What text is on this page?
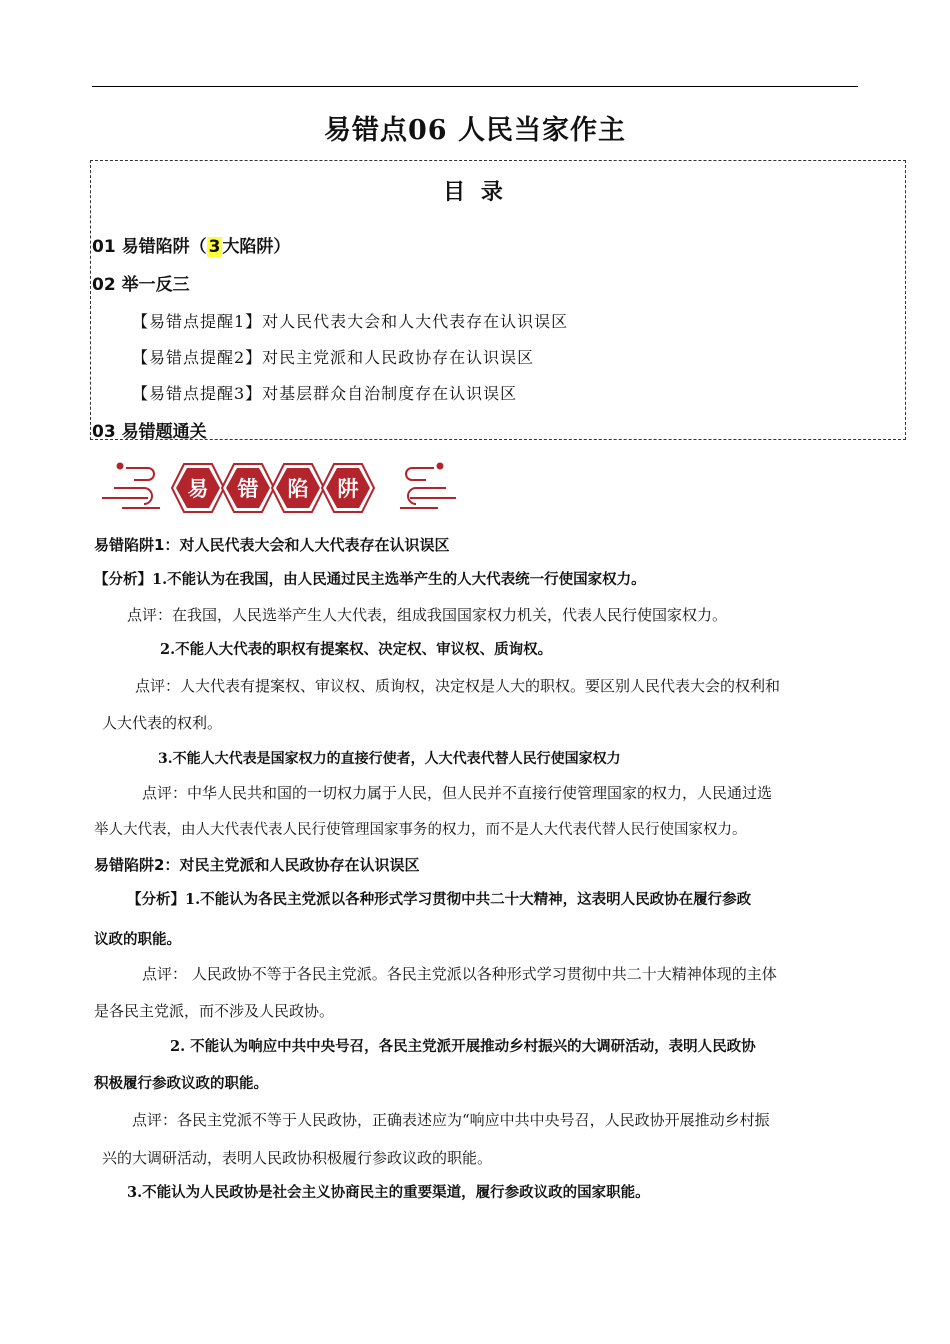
易错点06 人民当家作主
目 录
01 易错陷阱（ 3 大陷阱）
02 举一反三
【易错点提醒1】对人民代表大会和人大代表存在认识误区
【易错点提醒2】对民主党派和人民政协存在认识误区
【易错点提醒3】对基层群众自治制度存在认识误区
03 易错题通关
易 错 陷 阱
易错陷阱1：对人民代表大会和人大代表存在认识误区
【分析】1.不能认为在我国，由人民通过民主选举产生的人大代表统一行使国家权力。
点评：在我国，人民选举产生人大代表，组成我国国家权力机关，代表人民行使国家权力。
2.不能人大代表的职权有提案权、决定权、审议权、质询权。
点评：人大代表有提案权、审议权、质询权，决定权是人大的职权。要区别人民代表大会的权利和
人大代表的权利。
3.不能人大代表是国家权力的直接行使者，人大代表代替人民行使国家权力
点评：中华人民共和国的一切权力属于人民，但人民并不直接行使管理国家的权力，人民通过选
举人大代表，由人大代表代表人民行使管理国家事务的权力，而不是人大代表代替人民行使国家权力。
易错陷阱2：对民主党派和人民政协存在认识误区
【分析】1.不能认为各民主党派以各种形式学习贯彻中共二十大精神，这表明人民政协在履行参政
议政的职能。
点评： 人民政协不等于各民主党派。各民主党派以各种形式学习贯彻中共二十大精神体现的主体
是各民主党派，而不涉及人民政协。
2. 不能认为响应中共中央号召，各民主党派开展推动乡村振兴的大调研活动，表明人民政协
积极履行参政议政的职能。
点评：各民主党派不等于人民政协，正确表述应为“响应中共中央号召，人民政协开展推动乡村振
兴的大调研活动，表明人民政协积极履行参政议政的职能。
3.不能认为人民政协是社会主义协商民主的重要渠道，履行参政议政的国家职能。
